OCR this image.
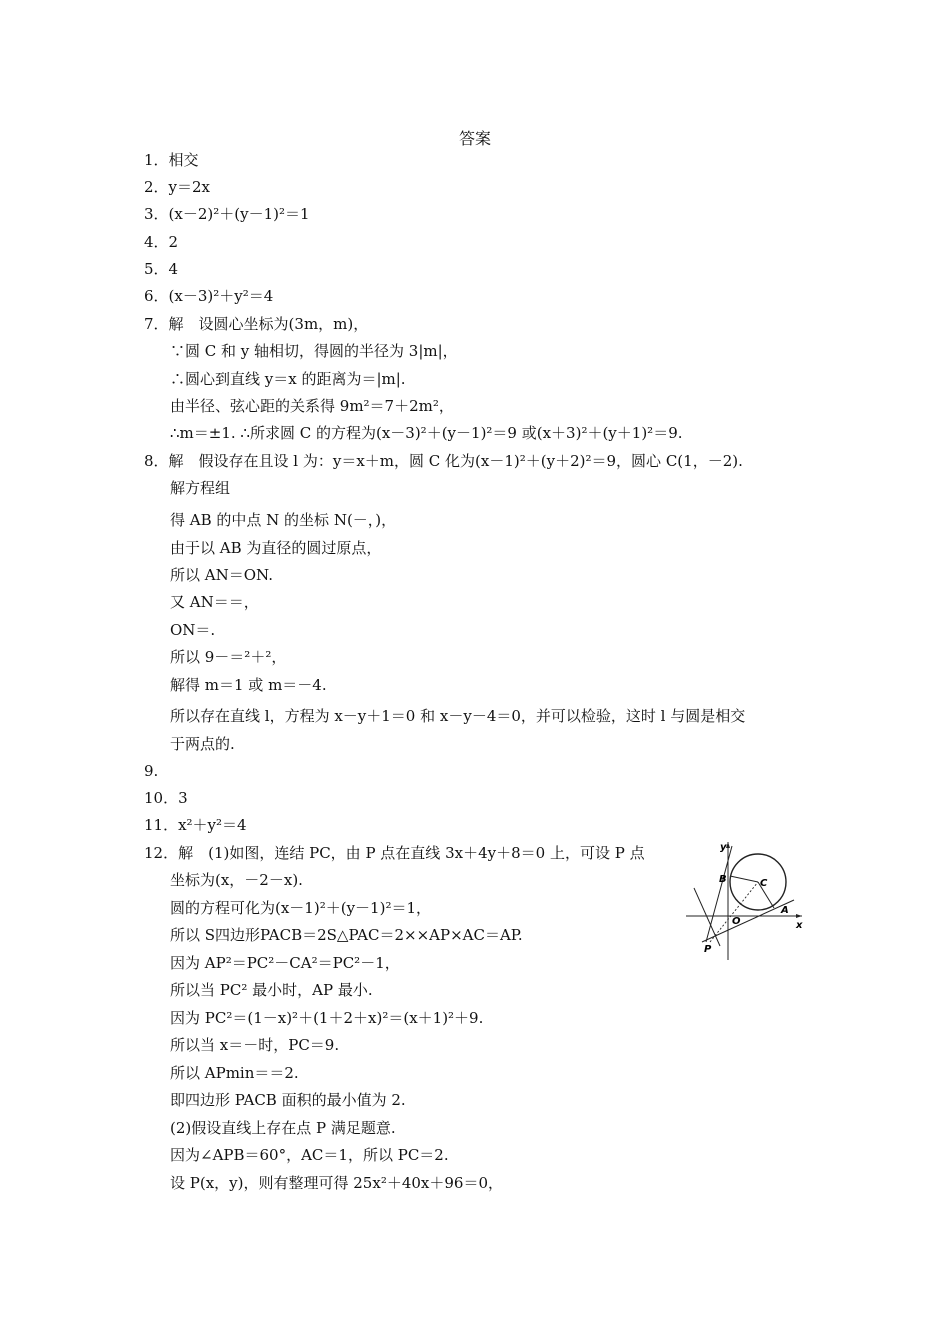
答案
1．相交
2．y＝2x
3．(x－2)²＋(y－1)²＝1
4．2
5．4
6．(x－3)²＋y²＝4
7．解　设圆心坐标为(3m，m)，
∵圆 C 和 y 轴相切，得圆的半径为 3|m|，
∴圆心到直线 y＝x 的距离为＝|m|.
由半径、弦心距的关系得 9m²＝7＋2m²，
∴m＝±1. ∴所求圆 C 的方程为(x－3)²＋(y－1)²＝9 或(x＋3)²＋(y＋1)²＝9.
8．解　假设存在且设 l 为：y＝x＋m，圆 C 化为(x－1)²＋(y＋2)²＝9，圆心 C(1，－2).
解方程组
得 AB 的中点 N 的坐标 N(－，)，
由于以 AB 为直径的圆过原点，
所以 AN＝ON.
又 AN＝＝，
ON＝.
所以 9－＝²＋²，
解得 m＝1 或 m＝－4.
所以存在直线 l，方程为 x－y＋1＝0 和 x－y－4＝0，并可以检验，这时 l 与圆是相交
于两点的.
9.
10．3
11．x²＋y²＝4
12．解　(1)如图，连结 PC，由 P 点在直线 3x＋4y＋8＝0 上，可设 P 点
坐标为(x，－2－x).
圆的方程可化为(x－1)²＋(y－1)²＝1，
所以 S四边形PACB＝2S△PAC＝2××AP×AC＝AP.
因为 AP²＝PC²－CA²＝PC²－1，
所以当 PC² 最小时，AP 最小.
因为 PC²＝(1－x)²＋(1＋2＋x)²＝(x＋1)²＋9.
所以当 x＝－时，PC＝9.
所以 APmin＝＝2.
即四边形 PACB 面积的最小值为 2.
(2)假设直线上存在点 P 满足题意.
因为∠APB＝60°，AC＝1，所以 PC＝2.
设 P(x，y)，则有整理可得 25x²＋40x＋96＝0，
y
x
B	C
O
A
P
